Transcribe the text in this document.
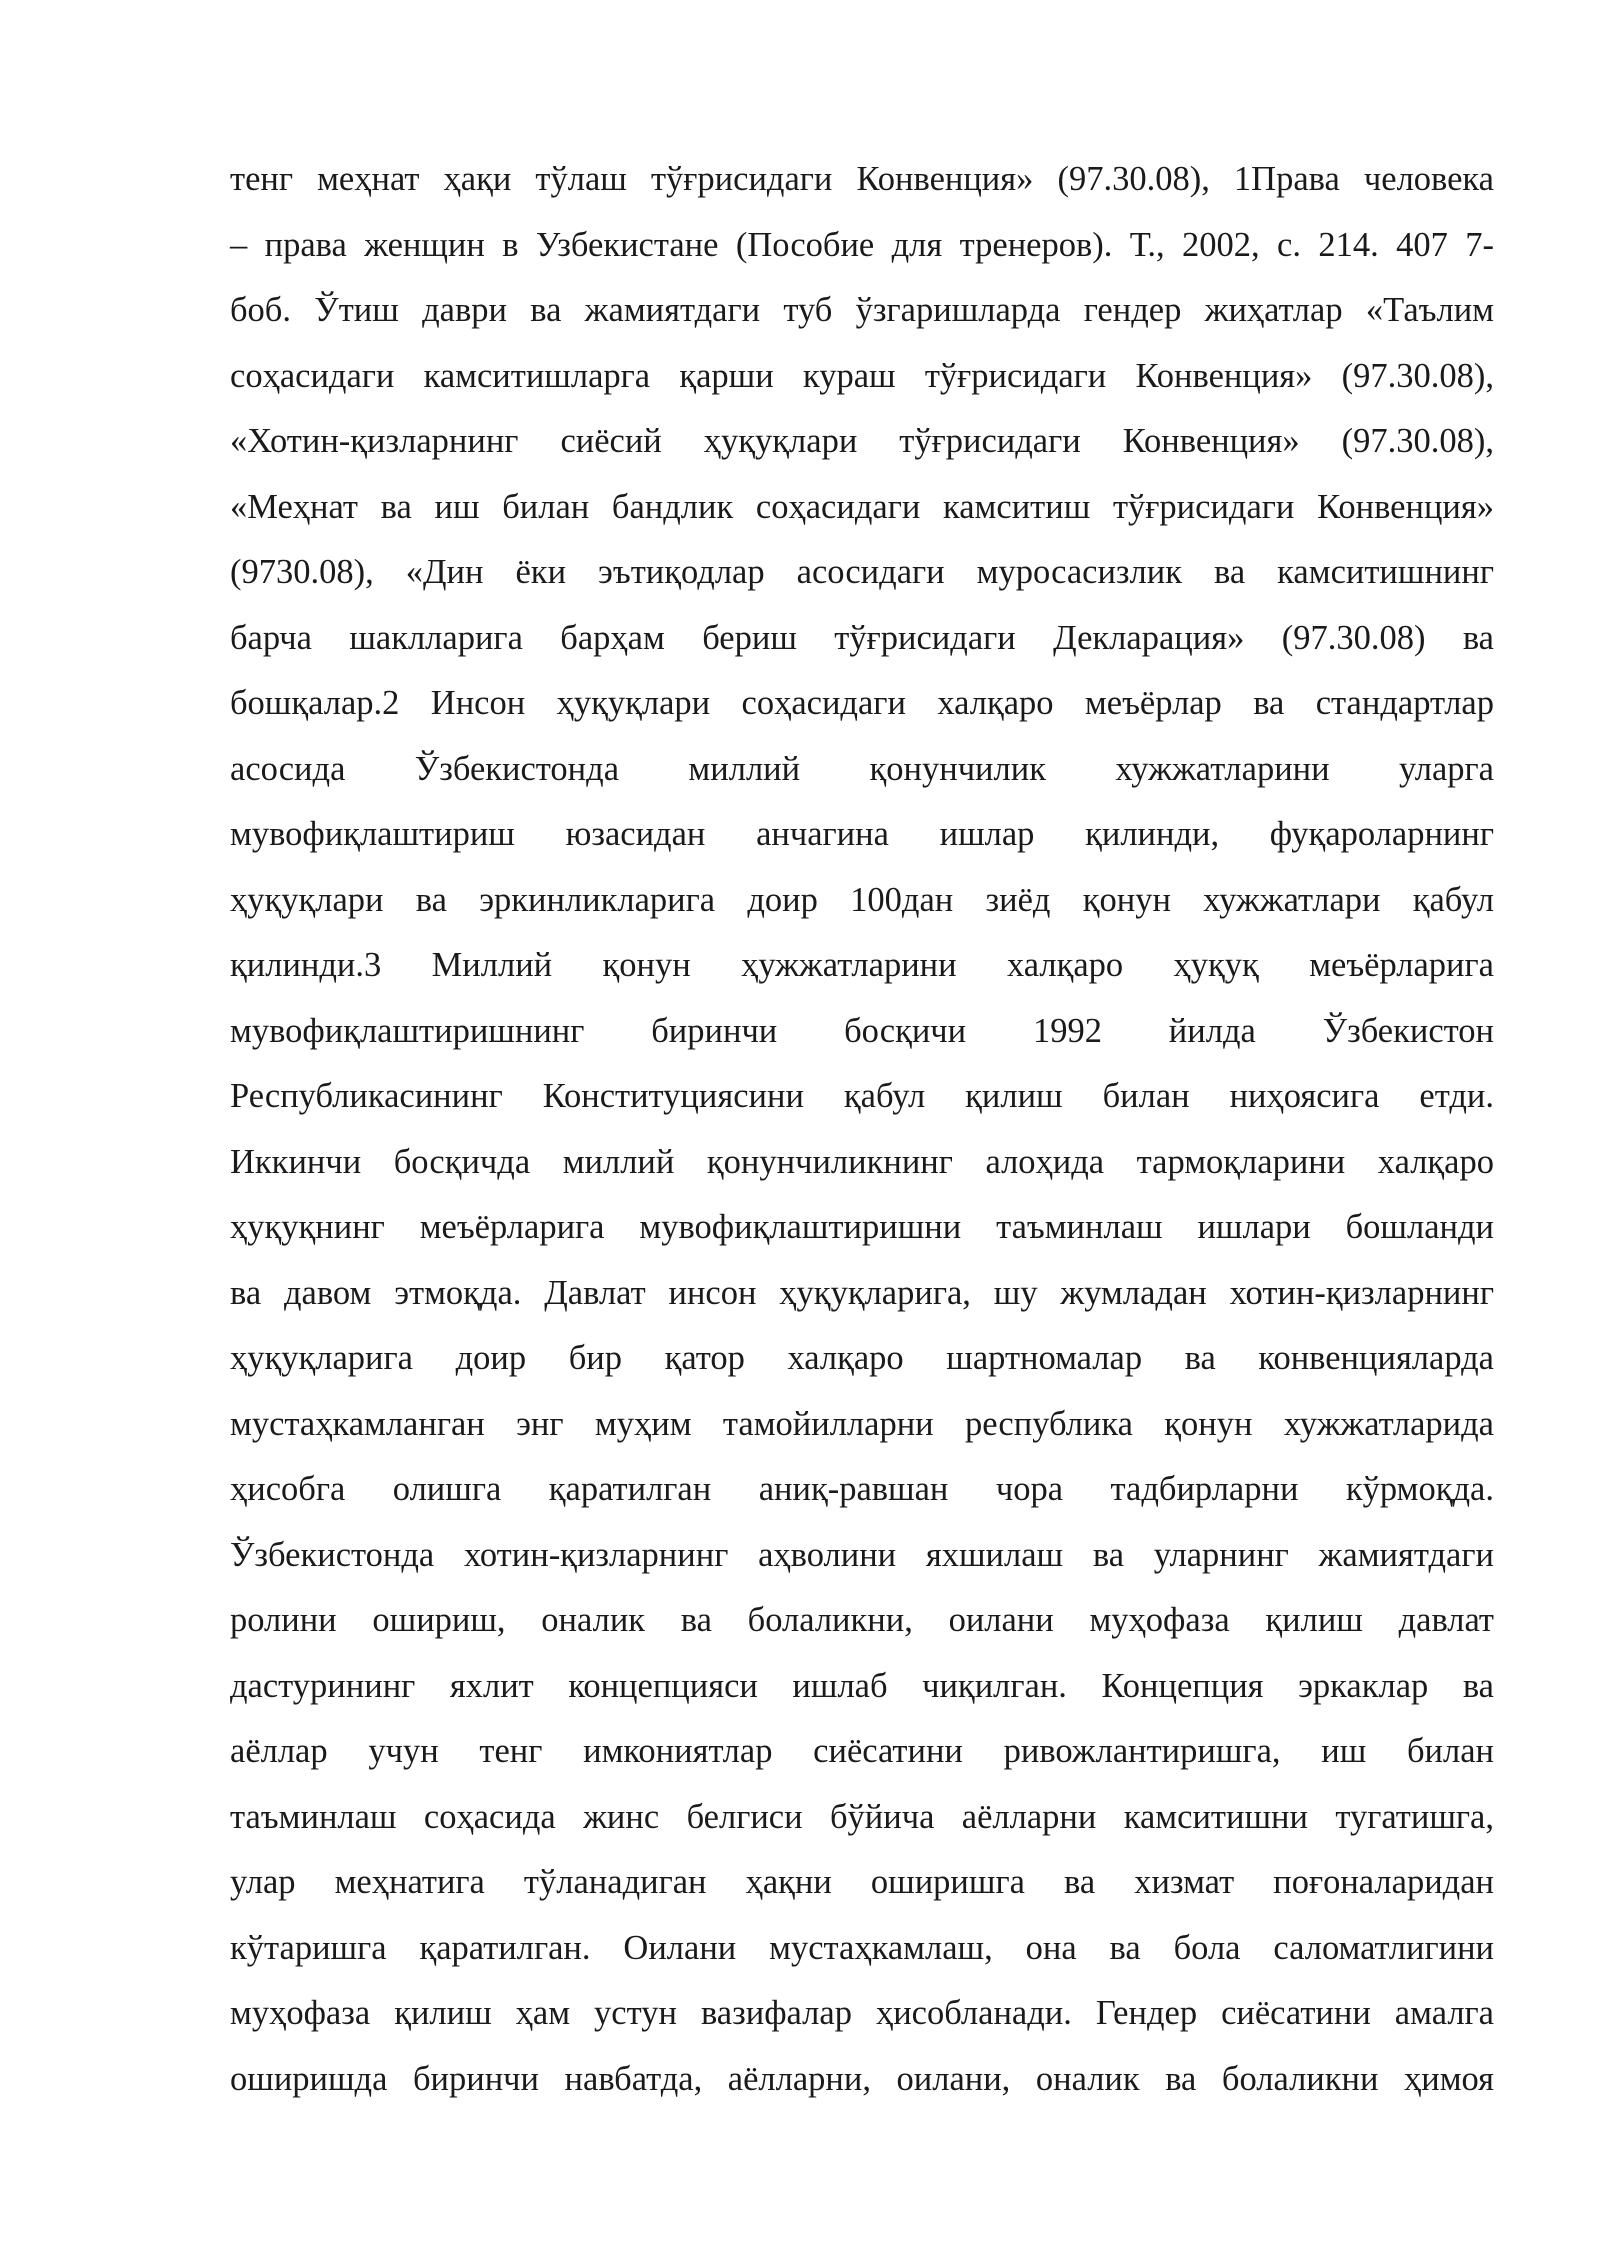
тенг меҳнат ҳақи тўлаш тўғрисидаги Конвенция» (97.30.08), 1Права человека
– права женщин в Узбекистане (Пособие для тренеров). Т., 2002, с. 214. 407 7-
боб. Ўтиш даври ва жамиятдаги туб ўзгаришларда гендер жиҳатлар «Таълим
соҳасидаги камситишларга қарши кураш тўғрисидаги Конвенция» (97.30.08),
«Хотин-қизларнинг сиёсий ҳуқуқлари тўғрисидаги Конвенция» (97.30.08),
«Меҳнат ва иш билан бандлик соҳасидаги камситиш тўғрисидаги Конвенция»
(9730.08), «Дин ёки эътиқодлар асосидаги муросасизлик ва камситишнинг
барча шаклларига барҳам бериш тўғрисидаги Декларация» (97.30.08) ва
бошқалар.2 Инсон ҳуқуқлари соҳасидаги халқаро меъёрлар ва стандартлар
асосида Ўзбекистонда миллий қонунчилик хужжатларини уларга
мувофиқлаштириш юзасидан анчагина ишлар қилинди, фуқароларнинг
ҳуқуқлари ва эркинликларига доир 100дан зиёд қонун хужжатлари қабул
қилинди.3 Миллий қонун ҳужжатларини халқаро ҳуқуқ меъёрларига
мувофиқлаштиришнинг биринчи босқичи 1992 йилда Ўзбекистон
Республикасининг Конституциясини қабул қилиш билан ниҳоясига етди.
Иккинчи босқичда миллий қонунчиликнинг алоҳида тармоқларини халқаро
ҳуқуқнинг меъёрларига мувофиқлаштиришни таъминлаш ишлари бошланди
ва давом этмоқда. Давлат инсон ҳуқуқларига, шу жумладан хотин-қизларнинг
ҳуқуқларига доир бир қатор халқаро шартномалар ва конвенцияларда
мустаҳкамланган энг муҳим тамойилларни республика қонун хужжатларида
ҳисобга олишга қаратилган аниқ-равшан чора тадбирларни кўрмоқда.
Ўзбекистонда хотин-қизларнинг аҳволини яхшилаш ва уларнинг жамиятдаги
ролини ошириш, оналик ва болаликни, оилани муҳофаза қилиш давлат
дастурининг яхлит концепцияси ишлаб чиқилган. Концепция эркаклар ва
аёллар учун тенг имкониятлар сиёсатини ривожлантиришга, иш билан
таъминлаш соҳасида жинс белгиси бўйича аёлларни камситишни тугатишга,
улар меҳнатига тўланадиган ҳақни оширишга ва хизмат поғоналаридан
кўтаришга қаратилган. Оилани мустаҳкамлаш, она ва бола саломатлигини
муҳофаза қилиш ҳам устун вазифалар ҳисобланади. Гендер сиёсатини амалга
оширишда биринчи навбатда, аёлларни, оилани, оналик ва болаликни ҳимоя
